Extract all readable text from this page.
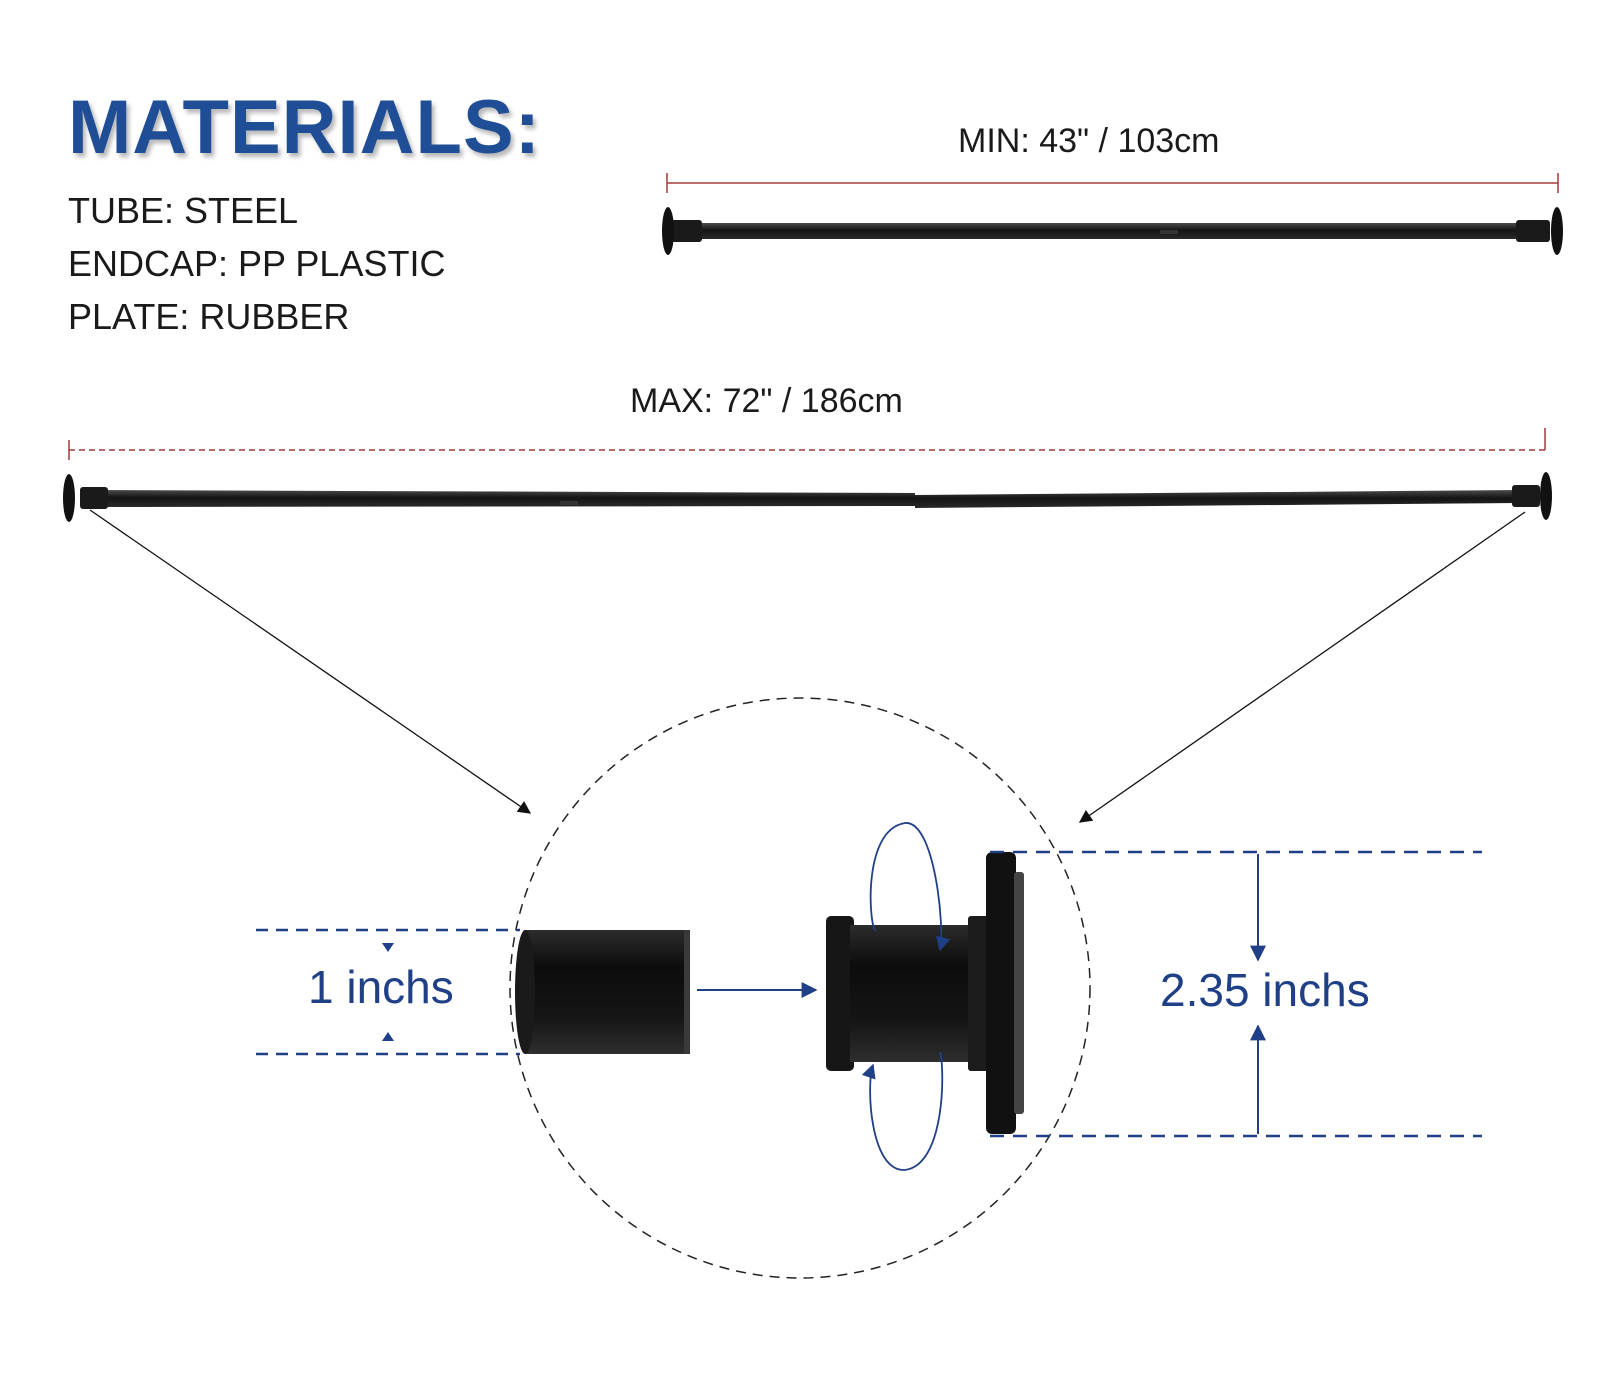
MATERIALS:
TUBE: STEEL
ENDCAP: PP PLASTIC
PLATE: RUBBER
MIN: 43" / 103cm
MAX: 72" / 186cm
1 inchs	2.35 inchs
